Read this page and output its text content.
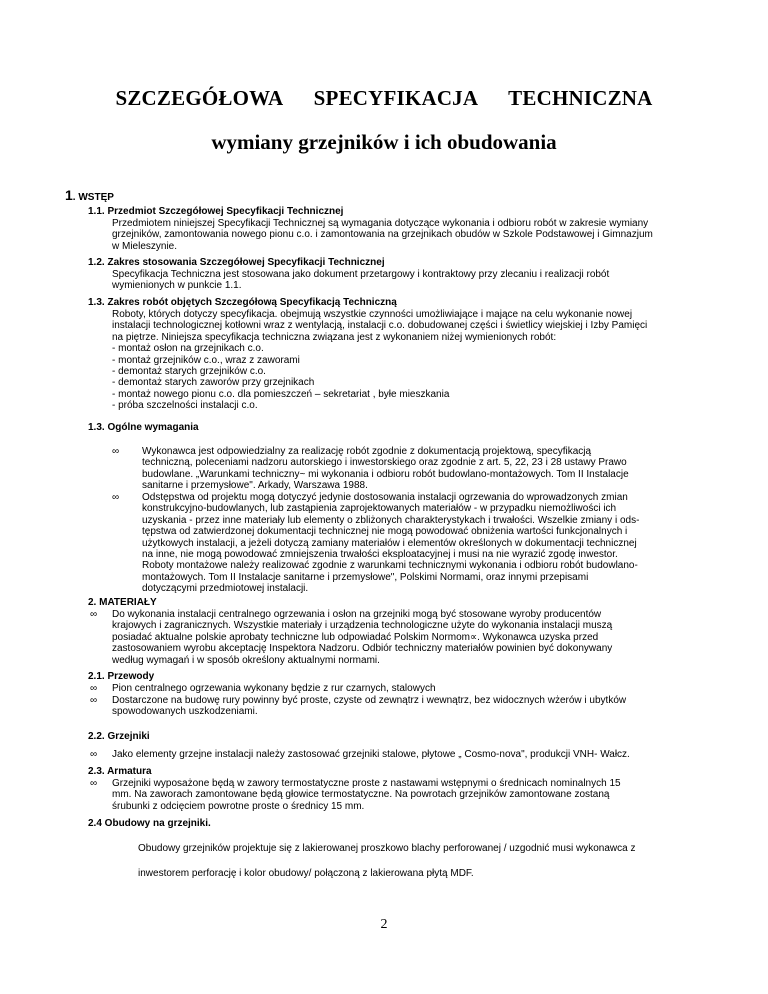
SZCZEGÓŁOWA SPECYFIKACJA TECHNICZNA
wymiany grzejników i ich obudowania
1. WSTĘP
1.1. Przedmiot Szczegółowej Specyfikacji Technicznej
Przedmiotem niniejszej Specyfikacji Technicznej są wymagania dotyczące wykonania i odbioru robót w zakresie wymiany
grzejników, zamontowania nowego pionu c.o. i zamontowania na grzejnikach obudów w Szkole Podstawowej i Gimnazjum
w Mieleszynie.
1.2. Zakres stosowania Szczegółowej Specyfikacji Technicznej
Specyfikacja Techniczna jest stosowana jako dokument przetargowy i kontraktowy przy zlecaniu i realizacji robót
wymienionych w punkcie 1.1.
1.3. Zakres robót objętych Szczegółową Specyfikacją Techniczną
Roboty, których dotyczy specyfikacja. obejmują wszystkie czynności umożliwiające i mające na celu wykonanie nowej
instalacji technologicznej kotłowni wraz z wentylacją, instalacji c.o. dobudowanej części i świetlicy wiejskiej i Izby Pamięci
na piętrze. Niniejsza specyfikacja techniczna związana jest z wykonaniem niżej wymienionych robót:
- montaż osłon na grzejnikach c.o.
- montaż grzejników c.o., wraz z zaworami
- demontaż starych grzejników c.o.
- demontaż starych zaworów przy grzejnikach
- montaż nowego pionu c.o. dla pomieszczeń – sekretariat , byłe mieszkania
- próba szczelności instalacji c.o.
1.3. Ogólne wymagania
∞	Wykonawca jest odpowiedzialny za realizację robót zgodnie z dokumentacją projektową, specyfikacją
techniczną, poleceniami nadzoru autorskiego i inwestorskiego oraz zgodnie z art. 5, 22, 23 i 28 ustawy Prawo
budowlane. „Warunkami techniczny~ mi wykonania i odbioru robót budowlano-montażowych. Tom II Instalacje
sanitarne i przemysłowe". Arkady, Warszawa 1988.
∞	Odstępstwa od projektu mogą dotyczyć jedynie dostosowania instalacji ogrzewania do wprowadzonych zmian
konstrukcyjno-budowlanych, lub zastąpienia zaprojektowanych materiałów - w przypadku niemożliwości ich
uzyskania - przez inne materiały lub elementy o zbliżonych charakterystykach i trwałości. Wszelkie zmiany i ods-
tępstwa od zatwierdzonej dokumentacji technicznej nie mogą powodować obniżenia wartości funkcjonalnych i
użytkowych instalacji, a jeżeli dotyczą zamiany materiałów i elementów określonych w dokumentacji technicznej
na inne, nie mogą powodować zmniejszenia trwałości eksploatacyjnej i musi na nie wyrazić zgodę inwestor.
Roboty montażowe należy realizować zgodnie z warunkami technicznymi wykonania i odbioru robót budowlano-
montażowych. Tom II Instalacje sanitarne i przemysłowe", Polskimi Normami, oraz innymi przepisami
dotyczącymi przedmiotowej instalacji.
2. MATERIAŁY
∞	Do wykonania instalacji centralnego ogrzewania i osłon na grzejniki mogą być stosowane wyroby producentów
krajowych i zagranicznych. Wszystkie materiały i urządzenia technologiczne użyte do wykonania instalacji muszą
posiadać aktualne polskie aprobaty techniczne lub odpowiadać Polskim Normom∝. Wykonawca uzyska przed
zastosowaniem wyrobu akceptację Inspektora Nadzoru. Odbiór techniczny materiałów powinien być dokonywany
według wymagań i w sposób określony aktualnymi normami.
2.1. Przewody
∞	Pion centralnego ogrzewania wykonany będzie z rur czarnych, stalowych
∞	Dostarczone na budowę rury powinny być proste, czyste od zewnątrz i wewnątrz, bez widocznych wżerów i ubytków
spowodowanych uszkodzeniami.
2.2. Grzejniki
∞	Jako elementy grzejne instalacji należy zastosować grzejniki stalowe, płytowe „ Cosmo-nova", produkcji VNH- Wałcz.
2.3. Armatura
∞	Grzejniki wyposażone będą w zawory termostatyczne proste z nastawami wstępnymi o średnicach nominalnych 15
mm. Na zaworach zamontowane będą głowice termostatyczne. Na powrotach grzejników zamontowane zostaną
śrubunki z odcięciem powrotne proste o średnicy 15 mm.
2.4 Obudowy na grzejniki.
Obudowy grzejników projektuje się z lakierowanej proszkowo blachy perforowanej / uzgodnić musi wykonawca z
inwestorem perforację i kolor obudowy/ połączoną z lakierowana płytą MDF.
2
